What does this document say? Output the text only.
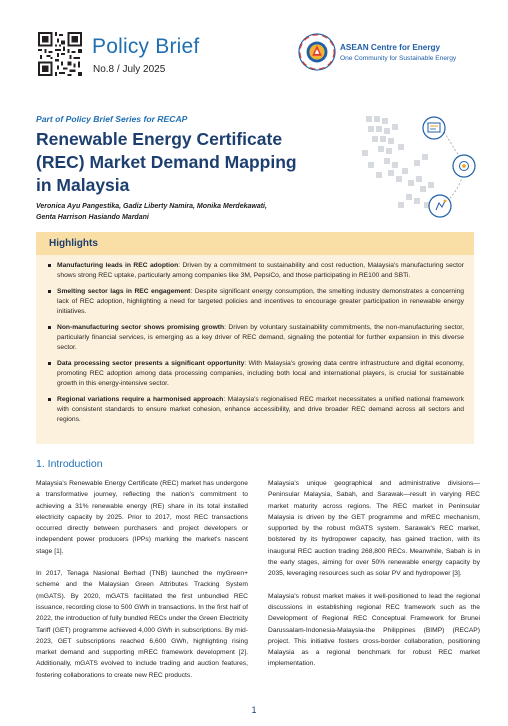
Policy Brief
No.8 / July 2025
ASEAN Centre for Energy
One Community for Sustainable Energy
Part of Policy Brief Series for RECAP
Renewable Energy Certificate
(REC) Market Demand Mapping
in Malaysia
Veronica Ayu Pangestika, Gadiz Liberty Namira, Monika Merdekawati,
Genta Harrison Hasiando Mardani
Highlights
Manufacturing leads in REC adoption: Driven by a commitment to sustainability and cost reduction, Malaysia's manufacturing sector shows strong REC uptake, particularly among companies like 3M, PepsiCo, and those participating in RE100 and SBTi.
Smelting sector lags in REC engagement: Despite significant energy consumption, the smelting industry demonstrates a concerning lack of REC adoption, highlighting a need for targeted policies and incentives to encourage greater participation in renewable energy initiatives.
Non-manufacturing sector shows promising growth: Driven by voluntary sustainability commitments, the non-manufacturing sector, particularly financial services, is emerging as a key driver of REC demand, signaling the potential for further expansion in this diverse sector.
Data processing sector presents a significant opportunity: With Malaysia's growing data centre infrastructure and digital economy, promoting REC adoption among data processing companies, including both local and international players, is crucial for sustainable growth in this energy-intensive sector.
Regional variations require a harmonised approach: Malaysia's regionalised REC market necessitates a unified national framework with consistent standards to ensure market cohesion, enhance accessibility, and drive broader REC demand across all sectors and regions.
1. Introduction

Malaysia's Renewable Energy Certificate (REC) market has undergone a transformative journey, reflecting the nation's commitment to achieving a 31% renewable energy (RE) share in its total installed electricity capacity by 2025. Prior to 2017, most REC transactions occurred directly between purchasers and project developers or independent power producers (IPPs) marking the market's nascent stage [1].

In 2017, Tenaga Nasional Berhad (TNB) launched the myGreen+ scheme and the Malaysian Green Attributes Tracking System (mGATS). By 2020, mGATS facilitated the first unbundled REC issuance, recording close to 500 GWh in transactions. In the first half of 2022, the introduction of fully bundled RECs under the Green Electricity Tariff (GET) programme achieved 4,000 GWh in subscriptions. By mid-2023, GET subscriptions reached 6,600 GWh, highlighting rising market demand and supporting mREC framework development [2]. Additionally, mGATS evolved to include trading and auction features, fostering collaborations to create new REC products.

Malaysia's unique geographical and administrative divisions—Peninsular Malaysia, Sabah, and Sarawak—result in varying REC market maturity across regions. The REC market in Peninsular Malaysia is driven by the GET programme and mREC mechanism, supported by the robust mGATS system. Sarawak's REC market, bolstered by its hydropower capacity, has gained traction, with its inaugural REC auction trading 268,800 RECs. Meanwhile, Sabah is in the early stages, aiming for over 50% renewable energy capacity by 2035, leveraging resources such as solar PV and hydropower [3].

Malaysia's robust market makes it well-positioned to lead the regional discussions in establishing regional REC framework such as the Development of Regional REC Conceptual Framework for Brunei Darussalam-Indonesia-Malaysia-the Philippines (BIMP) (RECAP) project. This initiative fosters cross-border collaboration, positioning Malaysia as a regional benchmark for robust REC market implementation.

1
